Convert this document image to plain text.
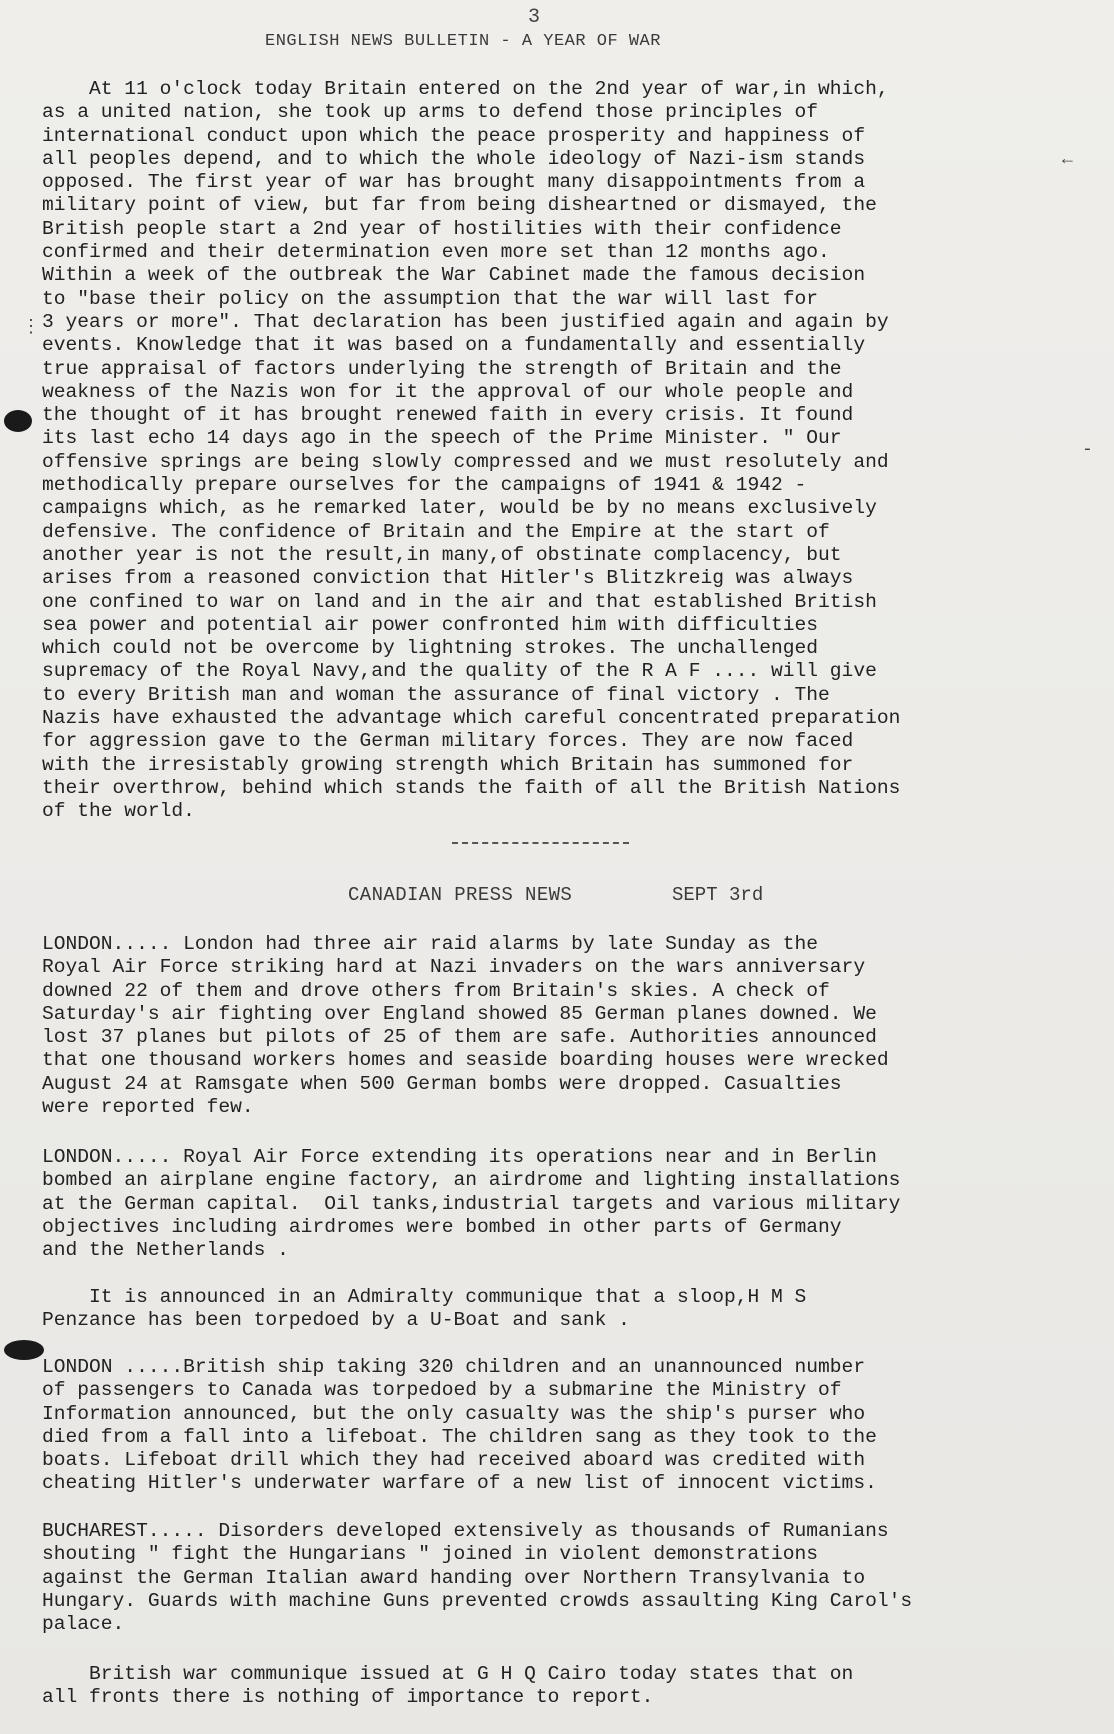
3
ENGLISH NEWS BULLETIN - A YEAR OF WAR
At 11 o'clock today Britain entered on the 2nd year of war,in which,
as a united nation, she took up arms to defend those principles of
international conduct upon which the peace prosperity and happiness of
all peoples depend, and to which the whole ideology of Nazi-ism stands
opposed. The first year of war has brought many disappointments from a
military point of view, but far from being disheartned or dismayed, the
British people start a 2nd year of hostilities with their confidence
confirmed and their determination even more set than 12 months ago.
Within a week of the outbreak the War Cabinet made the famous decision
to "base their policy on the assumption that the war will last for
3 years or more". That declaration has been justified again and again by
events. Knowledge that it was based on a fundamentally and essentially
true appraisal of factors underlying the strength of Britain and the
weakness of the Nazis won for it the approval of our whole people and
the thought of it has brought renewed faith in every crisis. It found
its last echo 14 days ago in the speech of the Prime Minister. " Our
offensive springs are being slowly compressed and we must resolutely and
methodically prepare ourselves for the campaigns of 1941 & 1942 -
campaigns which, as he remarked later, would be by no means exclusively
defensive. The confidence of Britain and the Empire at the start of
another year is not the result,in many,of obstinate complacency, but
arises from a reasoned conviction that Hitler's Blitzkreig was always
one confined to war on land and in the air and that established British
sea power and potential air power confronted him with difficulties
which could not be overcome by lightning strokes. The unchallenged
supremacy of the Royal Navy,and the quality of the R A F .... will give
to every British man and woman the assurance of final victory . The
Nazis have exhausted the advantage which careful concentrated preparation
for aggression gave to the German military forces. They are now faced
with the irresistably growing strength which Britain has summoned for
their overthrow, behind which stands the faith of all the British Nations
of the world.
CANADIAN PRESS NEWS	SEPT 3rd
LONDON..... London had three air raid alarms by late Sunday as the
Royal Air Force striking hard at Nazi invaders on the wars anniversary
downed 22 of them and drove others from Britain's skies. A check of
Saturday's air fighting over England showed 85 German planes downed. We
lost 37 planes but pilots of 25 of them are safe. Authorities announced
that one thousand workers homes and seaside boarding houses were wrecked
August 24 at Ramsgate when 500 German bombs were dropped. Casualties
were reported few.
LONDON..... Royal Air Force extending its operations near and in Berlin
bombed an airplane engine factory, an airdrome and lighting installations
at the German capital.  Oil tanks,industrial targets and various military
objectives including airdromes were bombed in other parts of Germany
and the Netherlands .
It is announced in an Admiralty communique that a sloop,H M S
Penzance has been torpedoed by a U-Boat and sank .
LONDON .....British ship taking 320 children and an unannounced number
of passengers to Canada was torpedoed by a submarine the Ministry of
Information announced, but the only casualty was the ship's purser who
died from a fall into a lifeboat. The children sang as they took to the
boats. Lifeboat drill which they had received aboard was credited with
cheating Hitler's underwater warfare of a new list of innocent victims.
BUCHAREST..... Disorders developed extensively as thousands of Rumanians
shouting " fight the Hungarians " joined in violent demonstrations
against the German Italian award handing over Northern Transylvania to
Hungary. Guards with machine Guns prevented crowds assaulting King Carol's
palace.
British war communique issued at G H Q Cairo today states that on
all fronts there is nothing of importance to report.
⋮
←
-
